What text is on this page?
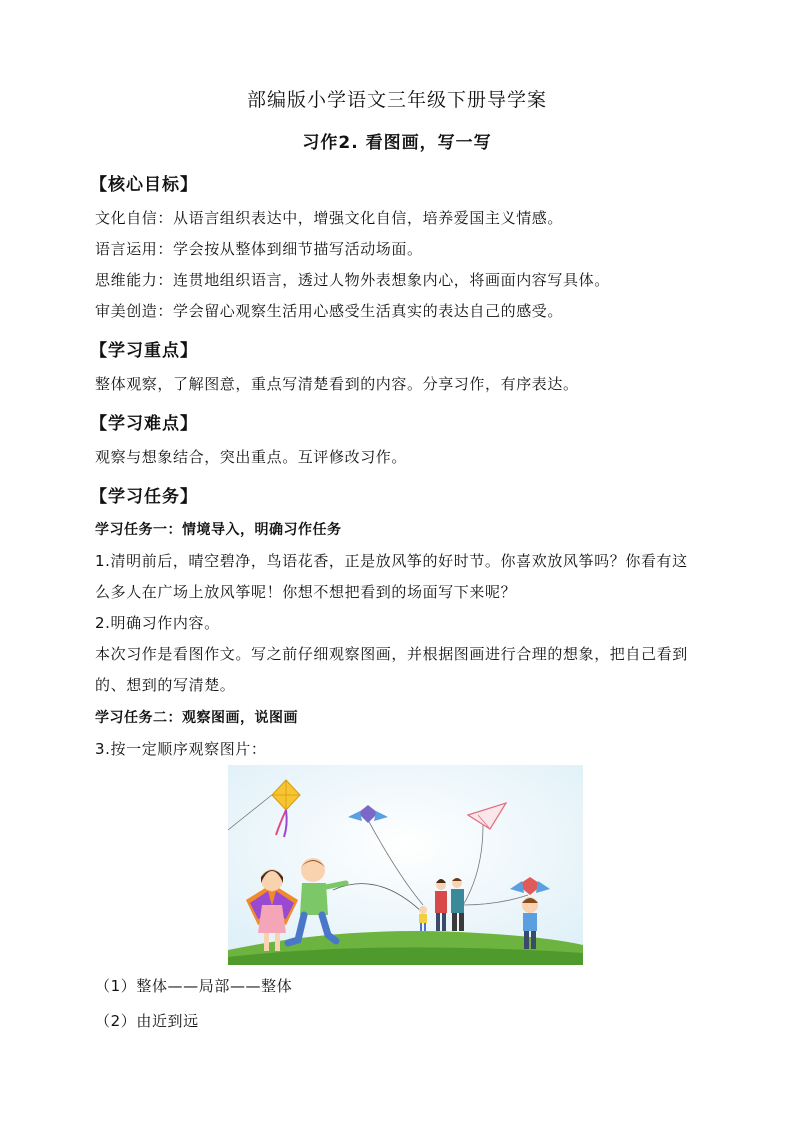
部编版小学语文三年级下册导学案
习作2. 看图画，写一写
【核心目标】
文化自信：从语言组织表达中，增强文化自信，培养爱国主义情感。
语言运用：学会按从整体到细节描写活动场面。
思维能力：连贯地组织语言，透过人物外表想象内心，将画面内容写具体。
审美创造：学会留心观察生活用心感受生活真实的表达自己的感受。
【学习重点】
整体观察，了解图意，重点写清楚看到的内容。分享习作，有序表达。
【学习难点】
观察与想象结合，突出重点。互评修改习作。
【学习任务】
学习任务一：情境导入，明确习作任务
1.清明前后，晴空碧净，鸟语花香，正是放风筝的好时节。你喜欢放风筝吗？你看有这
么多人在广场上放风筝呢！你想不想把看到的场面写下来呢？
2.明确习作内容。
本次习作是看图作文。写之前仔细观察图画，并根据图画进行合理的想象，把自己看到
的、想到的写清楚。
学习任务二：观察图画，说图画
3.按一定顺序观察图片：
（1）整体——局部——整体
（2）由近到远
